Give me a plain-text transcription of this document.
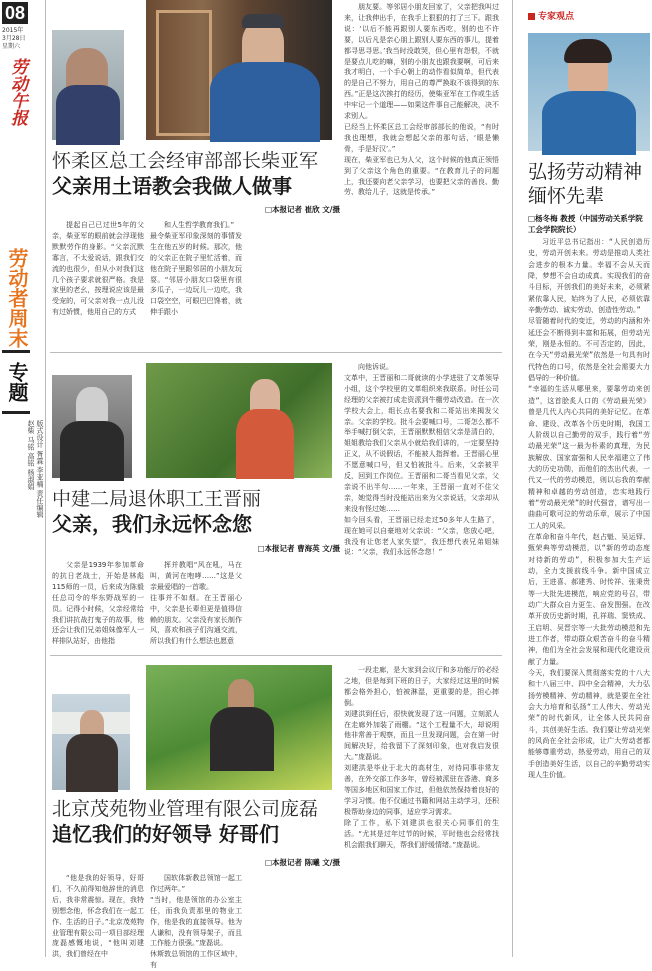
08
2015年
3月28日
星期六
劳动午报
劳动者周末
专题
版式设计 胥霖 李亚楠 责任编辑 赵柴 马铭 高铭 杨淑娟
怀柔区总工会经审部部长柴亚军
父亲用土语教会我做人做事
□本报记者 崔欣 文/摄

提起自己已过世5年的父亲，柴亚军的眼前就会浮现他默默劳作的身影。“父亲沉默寡言，不太爱说话，跟我们交流的也很少，但从小对我们这几个孩子要求就很严格。我是家里的老幺，按理说应该是最受宠的，可父亲对我一点儿没有过娇惯，他用自己的方式

和人生哲学教育我们。”
最令柴亚军印象深刻的事情发生在他五岁的时候。那次，他的父亲正在院子里忙活着，而他在院子里跟邻居的小朋友玩耍。“邻居小朋友口袋里有很多瓜子，一边玩儿一边吃，我口袋空空，可眼巴巴馋着，就伸手跟小

朋友要。等邻居小朋友回家了，父亲把我叫过来，让我伸出手，在我手上狠狠的打了三下。跟我说：‘以后不能再跟别人要东西吃，别的也不许要，以后凡是亲心朋上跟别人要东西的事儿，提着都寻思寻思。’我当时没敢哭，但心里有怨恨，不就是要点儿吃的嘛，别的小朋友也跟我要啊，可后来我才明白，一个手心朝上的动作看似简单，但代表的是自己不努力，用自己的尊严换取不该得到的东西。”正是这次挨打的经历，使柴亚军在工作或生活中牢记一个道理——如果这件事自己能解决，决不求别人。
已经当上怀柔区总工会经审部部长的他说，“有时我也理想，我就会想起父亲的那句话，‘眼是懒骨，手是好汉’。”
现在，柴亚军也已为人父，这个时候的他真正领悟到了父亲这个角色的重要。“在教育儿子的问题上，我还要向老父亲学习，也要把父亲的善良、勤劳、教给儿子，这就是传承。”

中建二局退休职工王晋丽
父亲，我们永远怀念您
□本报记者 曹海英 文/摄

父亲是1939年参加革命的抗日老战士，开始是林彪115师的一员，后来成为陈毅任总司令的华东野战军的一员。记得小时候，父亲经常给我们讲抗战打鬼子的故事，他还会让我们兄弟姐妹像军人一样排队站好，由他指

挥并教唱“风在吼，马在叫，黄河在咆哮……”这是父亲最爱唱的一首歌。
往事并不如烟。在王晋丽心中，父亲是长辈但更是值得信赖的朋友。父亲没有家长制作风，喜欢和孩子们沟通交流，所以我们有什么想法也愿意

向他诉说。
文革中，王晋丽和二哥就读的小学进驻了文革领导小组，这个学校里的文革组织来我联系。时任公司经理的父亲被打成走资派到牛棚劳动改造。在一次学校大会上，组长点名要我和二哥站出来揭发父亲。父亲的学校。批斗会要喊口号，二哥怎么都不举手喊打倒父亲，王晋丽默默相信父亲是清白的，姐姐教给我们父亲从小就给我们讲的，一定要坚持正义，从不说假话，不能被人指挥着。王晋丽心里不愿意喊口号，但又怕被批斗。后来，父亲被平反，回到工作岗位。王晋丽和二哥当看见父亲，父亲说不出半句……一年来，王晋丽一直对不住父亲，她觉得当时没能站出来为父亲说话，父亲却从来没有怪过她……
如今回头看，王晋丽已经走过50多年人生路了，现在她可以自豪地对父亲说：“父亲，您放心吧，我没有让您老人家失望”，我还想代表兄弟姐妹说：“父亲，我们永远怀念您！”

北京茂苑物业管理有限公司庞磊
追忆我们的好领导 好哥们
□本报记者 陈曦 文/摄

“他是我的好领导，好哥们，不久前得知他辞世的消息后，我非常震惊。现在，我特别想念他，怀念我们在一起工作、生活的日子。”北京茂苑物业管理有限公司一项目部经理庞磊感慨地说，“他叫刘建洪，我们曾经在中

国软体新教总领馆一起工作过两年。”
“当时，他是领馆的办公室主任，而我负责那里的物业工作，他是我的直接领导。他为人谦和，没有领导架子，而且工作能力很强。”庞磊说。
休斯敦总领馆的工作区域中，有

一段走廊，是大家到会议厅和多功能厅的必经之地，但是每到下班的日子，大家经过这里的时候都会格外担心，怕被淋湿，更重要的是，担心摔倒。
刘建洪到任后，很快就发现了这一问题，立刻派人在走廊外加装了雨棚。“这个工程量不大，却说明他非常善于观察，而且一旦发现问题，会在第一时间解决好，给我留下了深刻印象，也对我启发很大。”庞磊说。
刘建洪是毕业于北大的高材生，对待同事非常友善，在外交部工作多年，曾经被派驻在香港、商多等国多地区和国家工作过，但他依然保持着良好的学习习惯。他不仅通过书籍和网站主动学习，还积极帮助身边的同事，适应学习需求。
除了工作，私下刘建洪也很关心同事们的生活。“尤其是过年过节的时候，平时他也会经常找机会跟我们聊天，帮我们舒缓情绪。”庞磊说。

专家观点
弘扬劳动精神
缅怀先辈
□杨冬梅 教授（中国劳动关系学院 工会学院院长）

习近平总书记指出：“人民创造历史，劳动开创未来。劳动是推动人类社会进步的根本力量。幸福不会从天而降，梦想不会自动成真。实现我们的奋斗目标，开创我们的美好未来，必须紧紧依靠人民，始终为了人民，必须依靠辛勤劳动、诚实劳动、创造性劳动。”
尽管随着时代的变迁，劳动的内涵和外延还会不断得到丰富和拓展，但劳动光荣，刚是永恒的。不可否定的，因此，在今天“劳动最光荣”依然是一句具有时代特色的口号，依然是全社会需要大力倡导的一种价值。
“幸福的生活从哪里来，要靠劳动来创造”，这首脍炙人口的《劳动最光荣》曾是几代人内心共同的美好记忆。在革命、建设、改革各个历史时期，我国工人阶级以自己勤劳的双手，践行着“劳动最光荣”这一最为朴素的真理，为民族解放、国家富强和人民幸福建立了伟大的历史功勋，而他们的杰出代表，一代又一代的劳动模范，则以忘我的奉献精神和卓越的劳动创造，忠实地践行着“劳动最光荣”的时代强音，谱写出一曲曲可歌可泣的劳动乐章，展示了中国工人的风采。
在革命和奋斗年代，赵占魁、吴运铎、甄荣典等劳动模范，以“新的劳动态度对待新的劳动”，积极参加大生产运动，全力支援前线斗争。新中国成立后，王进喜、郝建秀、时传祥、张秉贵等一大批先进模范，响应党的号召，带动广大群众自力更生、奋发图强。在改革开放历史新时期，孔祥瑞、窦铁成、王启明、吴晋宗等一大批劳动模范和先进工作者，带动群众艰苦奋斗的奋斗精神，他们为全社会发展和现代化建设贡献了力量。
今天，我们要深入贯彻落实党的十八大和十八届三中、四中全会精神，大力弘扬劳模精神、劳动精神，就是要在全社会大力培育和弘扬“工人伟大、劳动光荣”的时代新风，让全体人民共同奋斗，共创美好生活。我们要让劳动光荣的风尚在全社会形成，让广大劳动者都能够尊重劳动，热爱劳动，用自己的双手创造美好生活，以自己的辛勤劳动实现人生价值。
